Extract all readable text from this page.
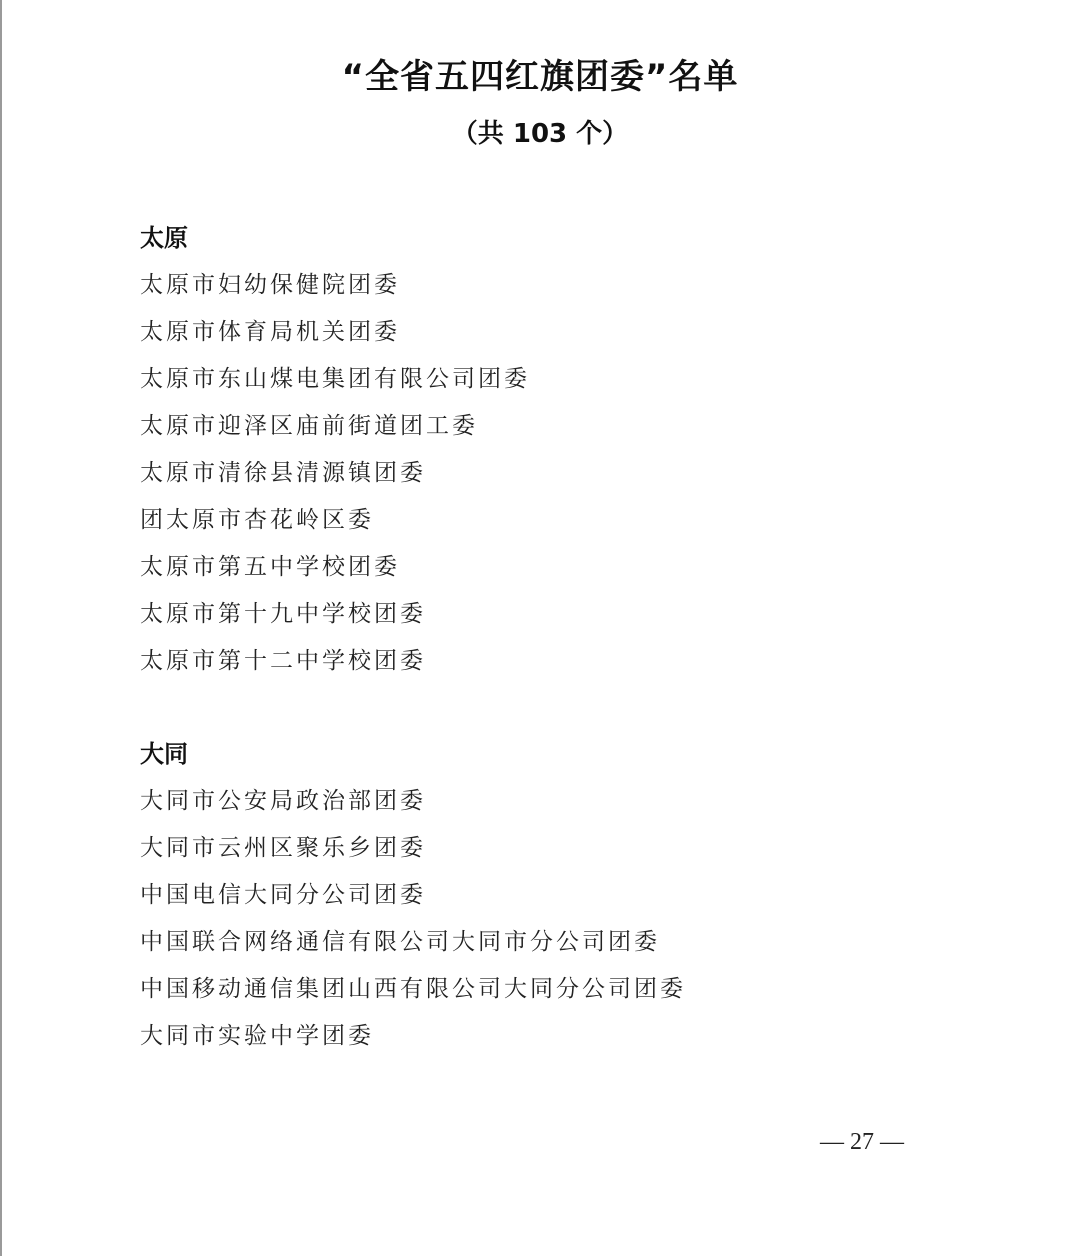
“全省五四红旗团委”名单
（共 103 个）
太原
太原市妇幼保健院团委
太原市体育局机关团委
太原市东山煤电集团有限公司团委
太原市迎泽区庙前街道团工委
太原市清徐县清源镇团委
团太原市杏花岭区委
太原市第五中学校团委
太原市第十九中学校团委
太原市第十二中学校团委
大同
大同市公安局政治部团委
大同市云州区聚乐乡团委
中国电信大同分公司团委
中国联合网络通信有限公司大同市分公司团委
中国移动通信集团山西有限公司大同分公司团委
大同市实验中学团委
— 27 —
